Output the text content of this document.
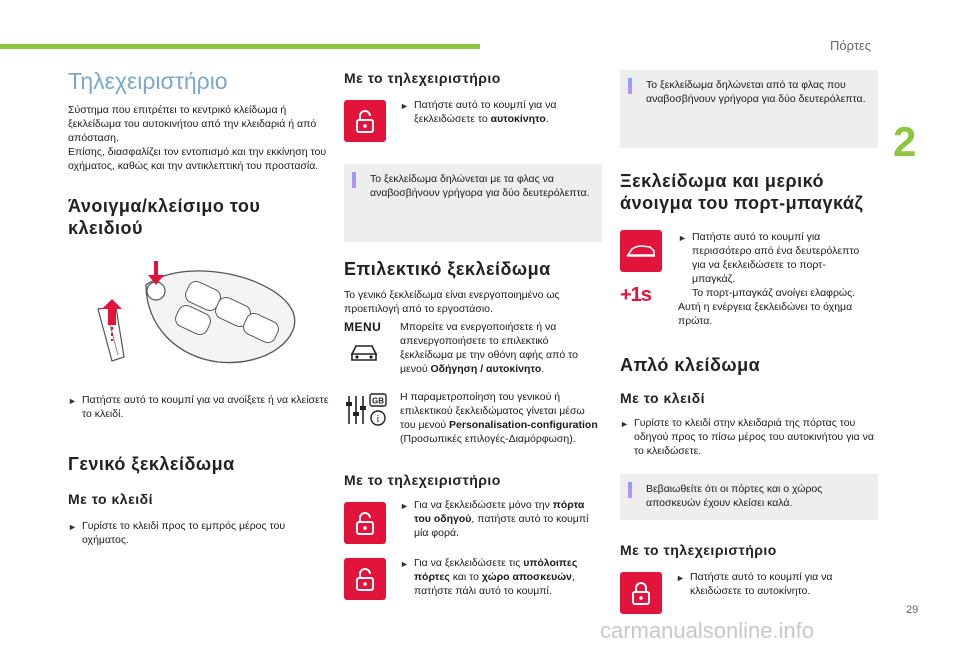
Πόρτες
2
29
carmanualsonline.info
Τηλεχειριστήριο

Σύστημα που επιτρέπει το κεντρικό κλείδωμα ή ξεκλείδωμα του αυτοκινήτου από την κλειδαριά ή από απόσταση.

Επίσης, διασφαλίζει τον εντοπισμό και την εκκίνηση του οχήματος, καθώς και την αντικλεπτική του προστασία.

Άνοιγμα/κλείσιμο του κλειδιού
► Πατήστε αυτό το κουμπί για να ανοίξετε ή να κλείσετε το κλειδί.
Γενικό ξεκλείδωμα
Με το κλειδί
► Γυρίστε το κλειδί προς το εμπρός μέρος του οχήματος.
Με το τηλεχειριστήριο
► Πατήστε αυτό το κουμπί για να ξεκλειδώσετε το αυτοκίνητο.

Το ξεκλείδωμα δηλώνεται με τα φλας να αναβοσβήνουν γρήγορα για δύο δευτερόλεπτα.

Επιλεκτικό ξεκλείδωμα

Το γενικό ξεκλείδωμα είναι ενεργοποιημένο ως προεπιλογή από το εργοστάσιο.

MENU	Μπορείτε να ενεργοποιήσετε ή να απενεργοποιήσετε το επιλεκτικό ξεκλείδωμα με την οθόνη αφής από το μενού Οδήγηση / αυτοκίνητο.

GB
i

Η παραμετροποίηση του γενικού ή επιλεκτικού ξεκλειδώματος γίνεται μέσω του μενού Personalisation-configuration (Προσωπικές επιλογές-Διαμόρφωση).

Με το τηλεχειριστήριο
► Για να ξεκλειδώσετε μόνο την πόρτα του οδηγού, πατήστε αυτό το κουμπί μία φορά.
► Για να ξεκλειδώσετε τις υπόλοιπες πόρτες και το χώρο αποσκευών, πατήστε πάλι αυτό το κουμπί.

Το ξεκλείδωμα δηλώνεται από τα φλας που αναβοσβήνουν γρήγορα για δύο δευτερόλεπτα.

Ξεκλείδωμα και μερικό άνοιγμα του πορτ-μπαγκάζ
+1s
► Πατήστε αυτό το κουμπί για περισσότερο από ένα δευτερόλεπτο για να ξεκλειδώσετε το πορτ-μπαγκάζ.

Το πορτ-μπαγκάζ ανοίγει ελαφρώς.

Αυτή η ενέργεια ξεκλειδώνει το όχημα πρώτα.

Απλό κλείδωμα
Με το κλειδί
► Γυρίστε το κλειδί στην κλειδαριά της πόρτας του οδηγού προς το πίσω μέρος του αυτοκινήτου για να το κλειδώσετε.

Βεβαιωθείτε ότι οι πόρτες και ο χώρος αποσκευών έχουν κλείσει καλά.

Με το τηλεχειριστήριο
► Πατήστε αυτό το κουμπί για να κλειδώσετε το αυτοκίνητο.
